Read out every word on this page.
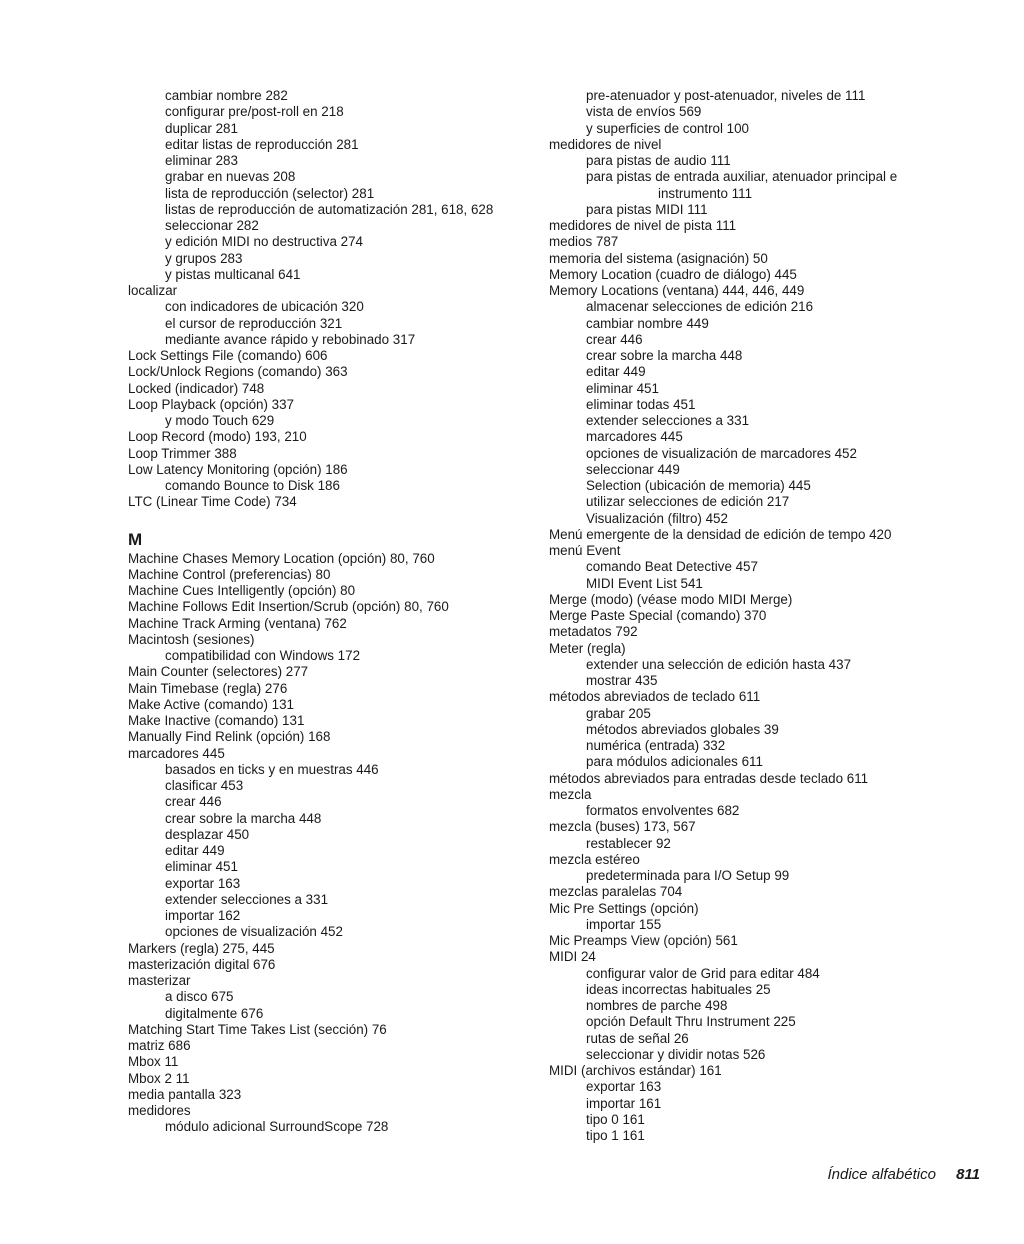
cambiar nombre 282
configurar pre/post-roll en 218
duplicar 281
editar listas de reproducción 281
eliminar 283
grabar en nuevas 208
lista de reproducción (selector) 281
listas de reproducción de automatización 281, 618, 628
seleccionar 282
y edición MIDI no destructiva 274
y grupos 283
y pistas multicanal 641
localizar
con indicadores de ubicación 320
el cursor de reproducción 321
mediante avance rápido y rebobinado 317
Lock Settings File (comando) 606
Lock/Unlock Regions (comando) 363
Locked (indicador) 748
Loop Playback (opción) 337
y modo Touch 629
Loop Record (modo) 193, 210
Loop Trimmer 388
Low Latency Monitoring (opción) 186
comando Bounce to Disk 186
LTC (Linear Time Code) 734
M
Machine Chases Memory Location (opción) 80, 760
Machine Control (preferencias) 80
Machine Cues Intelligently (opción) 80
Machine Follows Edit Insertion/Scrub (opción) 80, 760
Machine Track Arming (ventana) 762
Macintosh (sesiones)
compatibilidad con Windows 172
Main Counter (selectores) 277
Main Timebase (regla) 276
Make Active (comando) 131
Make Inactive (comando) 131
Manually Find Relink (opción) 168
marcadores 445
basados en ticks y en muestras 446
clasificar 453
crear 446
crear sobre la marcha 448
desplazar 450
editar 449
eliminar 451
exportar 163
extender selecciones a 331
importar 162
opciones de visualización 452
Markers (regla) 275, 445
masterización digital 676
masterizar
a disco 675
digitalmente 676
Matching Start Time Takes List (sección) 76
matriz 686
Mbox 11
Mbox 2 11
media pantalla 323
medidores
módulo adicional SurroundScope 728
pre-atenuador y post-atenuador, niveles de 111
vista de envíos 569
y superficies de control 100
medidores de nivel
para pistas de audio 111
para pistas de entrada auxiliar, atenuador principal e
instrumento 111
para pistas MIDI 111
medidores de nivel de pista 111
medios 787
memoria del sistema (asignación) 50
Memory Location (cuadro de diálogo) 445
Memory Locations (ventana) 444, 446, 449
almacenar selecciones de edición 216
cambiar nombre 449
crear 446
crear sobre la marcha 448
editar 449
eliminar 451
eliminar todas 451
extender selecciones a 331
marcadores 445
opciones de visualización de marcadores 452
seleccionar 449
Selection (ubicación de memoria) 445
utilizar selecciones de edición 217
Visualización (filtro) 452
Menú emergente de la densidad de edición de tempo 420
menú Event
comando Beat Detective 457
MIDI Event List 541
Merge (modo) (véase modo MIDI Merge)
Merge Paste Special (comando) 370
metadatos 792
Meter (regla)
extender una selección de edición hasta 437
mostrar 435
métodos abreviados de teclado 611
grabar 205
métodos abreviados globales 39
numérica (entrada) 332
para módulos adicionales 611
métodos abreviados para entradas desde teclado 611
mezcla
formatos envolventes 682
mezcla (buses) 173, 567
restablecer 92
mezcla estéreo
predeterminada para I/O Setup 99
mezclas paralelas 704
Mic Pre Settings (opción)
importar 155
Mic Preamps View (opción) 561
MIDI 24
configurar valor de Grid para editar 484
ideas incorrectas habituales 25
nombres de parche 498
opción Default Thru Instrument 225
rutas de señal 26
seleccionar y dividir notas 526
MIDI (archivos estándar) 161
exportar 163
importar 161
tipo 0 161
tipo 1 161
Índice alfabético 811
